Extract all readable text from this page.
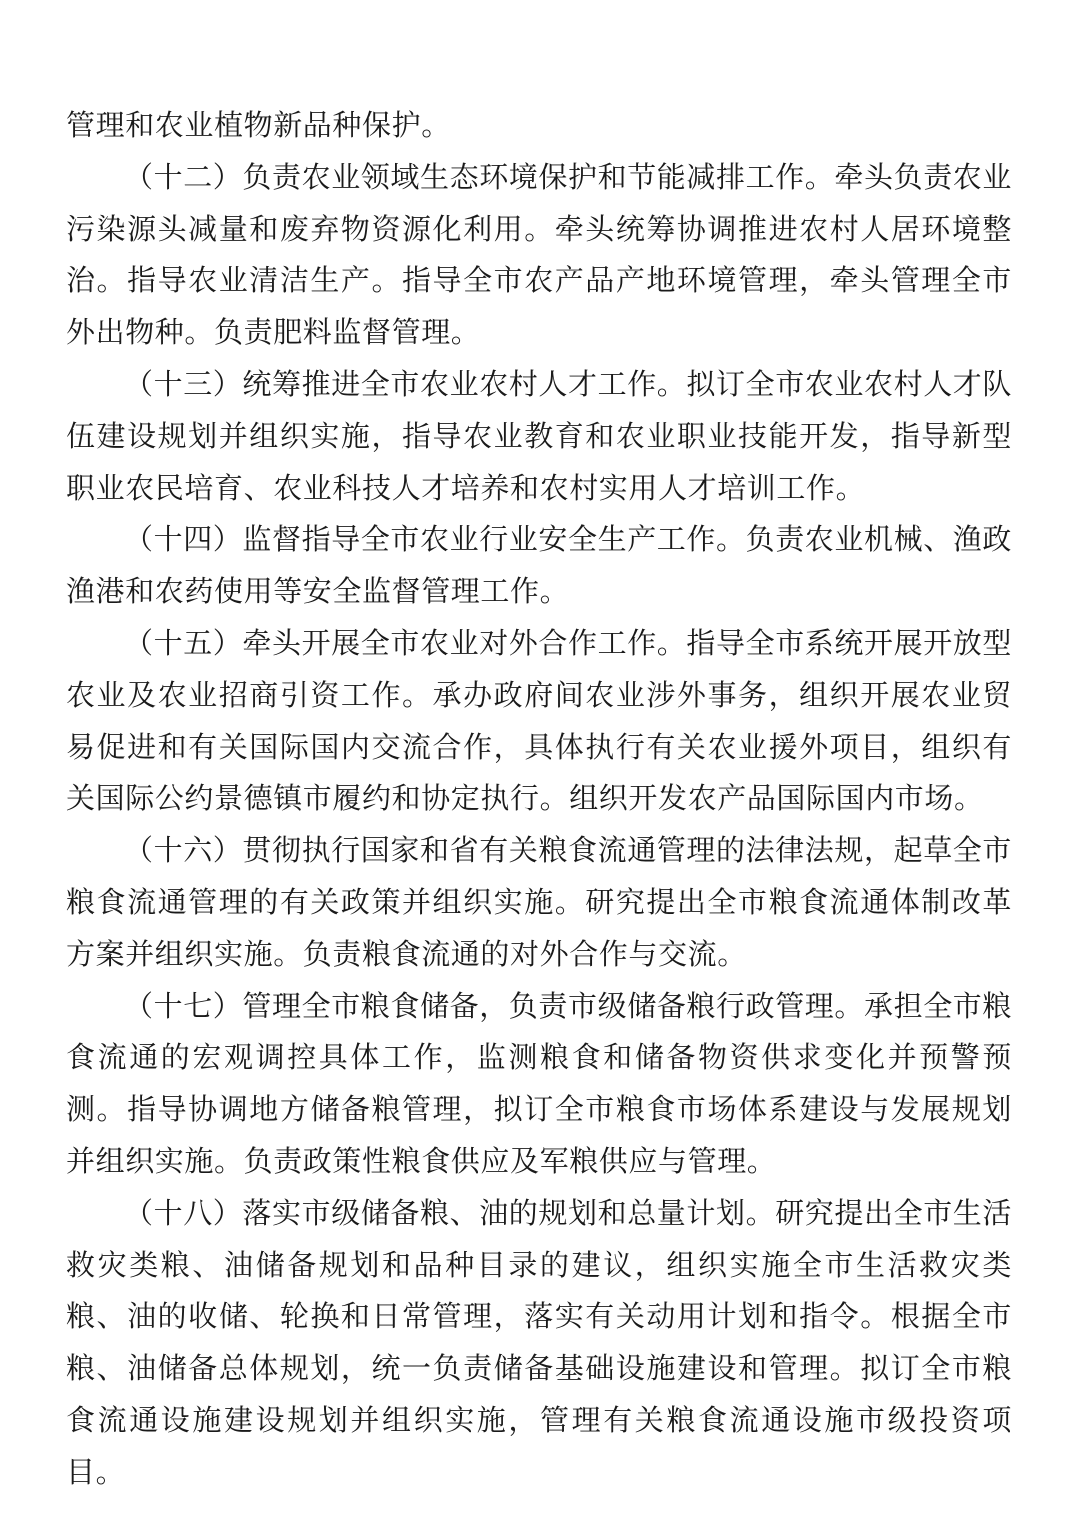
管理和农业植物新品种保护。

（十二）负责农业领域生态环境保护和节能减排工作。牵头负责农业污染源头减量和废弃物资源化利用。牵头统筹协调推进农村人居环境整治。指导农业清洁生产。指导全市农产品产地环境管理，牵头管理全市外出物种。负责肥料监督管理。

（十三）统筹推进全市农业农村人才工作。拟订全市农业农村人才队伍建设规划并组织实施，指导农业教育和农业职业技能开发，指导新型职业农民培育、农业科技人才培养和农村实用人才培训工作。

（十四）监督指导全市农业行业安全生产工作。负责农业机械、渔政渔港和农药使用等安全监督管理工作。

（十五）牵头开展全市农业对外合作工作。指导全市系统开展开放型农业及农业招商引资工作。承办政府间农业涉外事务，组织开展农业贸易促进和有关国际国内交流合作，具体执行有关农业援外项目，组织有关国际公约景德镇市履约和协定执行。组织开发农产品国际国内市场。

（十六）贯彻执行国家和省有关粮食流通管理的法律法规，起草全市粮食流通管理的有关政策并组织实施。研究提出全市粮食流通体制改革方案并组织实施。负责粮食流通的对外合作与交流。

（十七）管理全市粮食储备，负责市级储备粮行政管理。承担全市粮食流通的宏观调控具体工作，监测粮食和储备物资供求变化并预警预测。指导协调地方储备粮管理，拟订全市粮食市场体系建设与发展规划并组织实施。负责政策性粮食供应及军粮供应与管理。

（十八）落实市级储备粮、油的规划和总量计划。研究提出全市生活救灾类粮、油储备规划和品种目录的建议，组织实施全市生活救灾类粮、油的收储、轮换和日常管理，落实有关动用计划和指令。根据全市粮、油储备总体规划，统一负责储备基础设施建设和管理。拟订全市粮食流通设施建设规划并组织实施，管理有关粮食流通设施市级投资项目。
